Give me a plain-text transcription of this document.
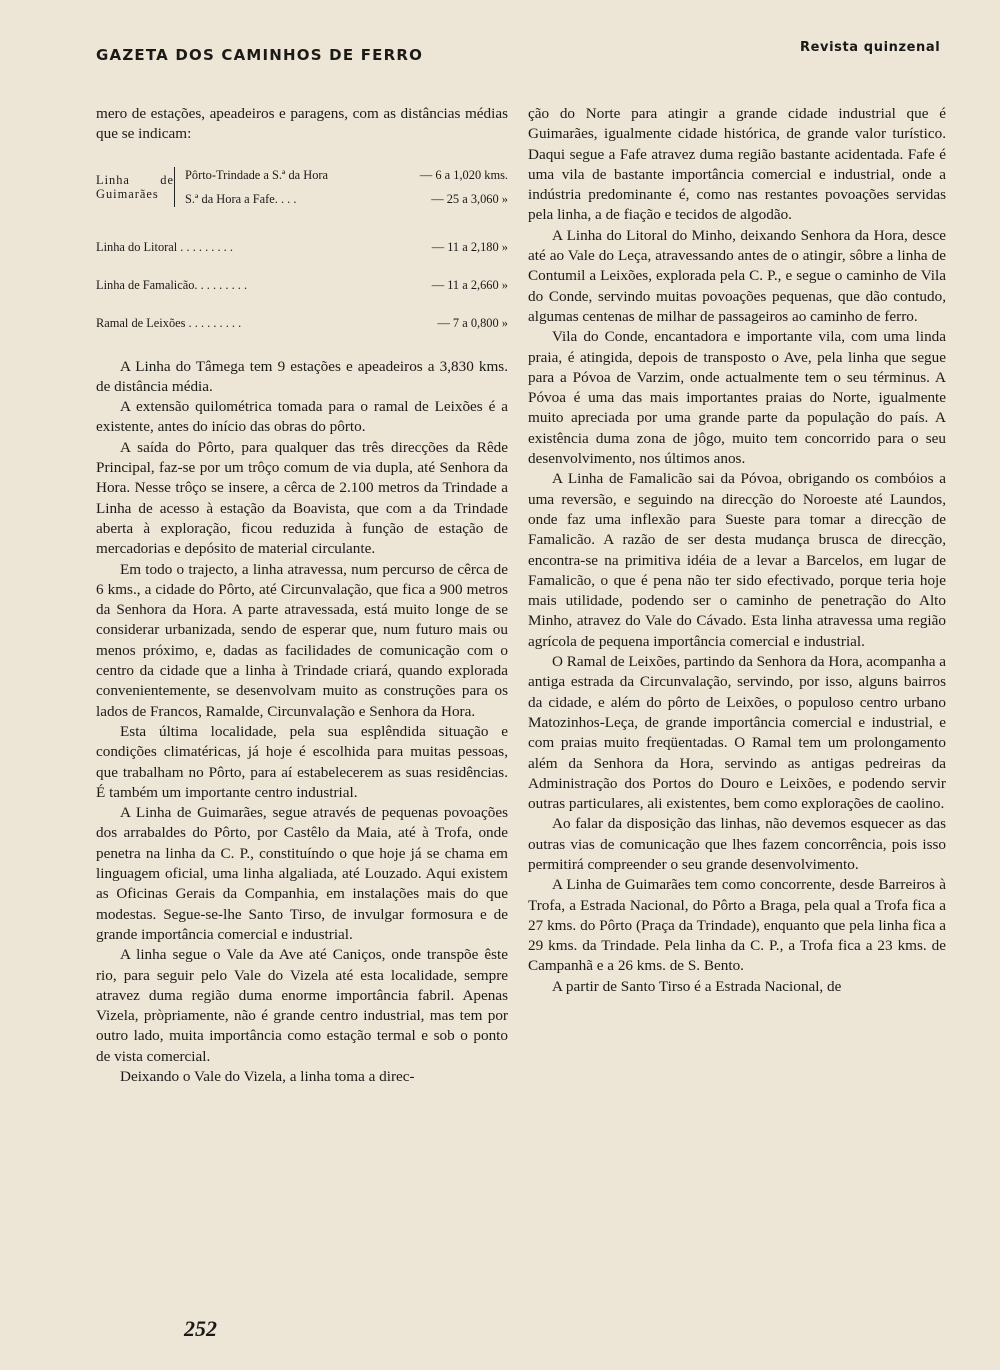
GAZETA DOS CAMINHOS DE FERRO	Revista quinzenal

mero de estações, apeadeiros e paragens, com as distâncias médias que se indicam:

Linha de Guimarães
Pôrto-Trindade a S.ª da Hora	— 6 a 1,020 kms.
S.ª da Hora a Fafe. . . .	— 25 a 3,060 »
Linha do Litoral . . . . . . . . .	— 11 a 2,180 »
Linha de Famalicão. . . . . . . . .	— 11 a 2,660 »
Ramal de Leixões . . . . . . . . .	— 7 a 0,800 »

A Linha do Tâmega tem 9 estações e apeadeiros a 3,830 kms. de distância média.

A extensão quilométrica tomada para o ramal de Leixões é a existente, antes do início das obras do pôrto.

A saída do Pôrto, para qualquer das três direcções da Rêde Principal, faz-se por um trôço comum de via dupla, até Senhora da Hora. Nesse trôço se insere, a cêrca de 2.100 metros da Trindade a Linha de acesso à estação da Boavista, que com a da Trindade aberta à exploração, ficou reduzida à função de estação de mercadorias e depósito de material circulante.

Em todo o trajecto, a linha atravessa, num percurso de cêrca de 6 kms., a cidade do Pôrto, até Circunvalação, que fica a 900 metros da Senhora da Hora. A parte atravessada, está muito longe de se considerar urbanizada, sendo de esperar que, num futuro mais ou menos próximo, e, dadas as facilidades de comunicação com o centro da cidade que a linha à Trindade criará, quando explorada convenientemente, se desenvolvam muito as construções para os lados de Francos, Ramalde, Circunvalação e Senhora da Hora.

Esta última localidade, pela sua esplêndida situação e condições climatéricas, já hoje é escolhida para muitas pessoas, que trabalham no Pôrto, para aí estabelecerem as suas residências. É também um importante centro industrial.

A Linha de Guimarães, segue através de pequenas povoações dos arrabaldes do Pôrto, por Castêlo da Maia, até à Trofa, onde penetra na linha da C. P., constituíndo o que hoje já se chama em linguagem oficial, uma linha algaliada, até Louzado. Aqui existem as Oficinas Gerais da Companhia, em instalações mais do que modestas. Segue-se-lhe Santo Tirso, de invulgar formosura e de grande importância comercial e industrial.

A linha segue o Vale da Ave até Caniços, onde transpõe êste rio, para seguir pelo Vale do Vizela até esta localidade, sempre atravez duma região duma enorme importância fabril. Apenas Vizela, pròpriamente, não é grande centro industrial, mas tem por outro lado, muita importância como estação termal e sob o ponto de vista comercial.

Deixando o Vale do Vizela, a linha toma a direc-

ção do Norte para atingir a grande cidade industrial que é Guimarães, igualmente cidade histórica, de grande valor turístico. Daqui segue a Fafe atravez duma região bastante acidentada. Fafe é uma vila de bastante importância comercial e industrial, onde a indústria predominante é, como nas restantes povoações servidas pela linha, a de fiação e tecidos de algodão.

A Linha do Litoral do Minho, deixando Senhora da Hora, desce até ao Vale do Leça, atravessando antes de o atingir, sôbre a linha de Contumil a Leixões, explorada pela C. P., e segue o caminho de Vila do Conde, servindo muitas povoações pequenas, que dão contudo, algumas centenas de milhar de passageiros ao caminho de ferro.

Vila do Conde, encantadora e importante vila, com uma linda praia, é atingida, depois de transposto o Ave, pela linha que segue para a Póvoa de Varzim, onde actualmente tem o seu términus. A Póvoa é uma das mais importantes praias do Norte, igualmente muito apreciada por uma grande parte da população do país. A existência duma zona de jôgo, muito tem concorrido para o seu desenvolvimento, nos últimos anos.

A Linha de Famalicão sai da Póvoa, obrigando os combóios a uma reversão, e seguindo na direcção do Noroeste até Laundos, onde faz uma inflexão para Sueste para tomar a direcção de Famalicão. A razão de ser desta mudança brusca de direcção, encontra-se na primitiva idéia de a levar a Barcelos, em lugar de Famalicão, o que é pena não ter sido efectivado, porque teria hoje mais utilidade, podendo ser o caminho de penetração do Alto Minho, atravez do Vale do Cávado. Esta linha atravessa uma região agrícola de pequena importância comercial e industrial.

O Ramal de Leixões, partindo da Senhora da Hora, acompanha a antiga estrada da Circunvalação, servindo, por isso, alguns bairros da cidade, e além do pôrto de Leixões, o populoso centro urbano Matozinhos-Leça, de grande importância comercial e industrial, e com praias muito freqüentadas. O Ramal tem um prolongamento além da Senhora da Hora, servindo as antigas pedreiras da Administração dos Portos do Douro e Leixões, e podendo servir outras particulares, ali existentes, bem como explorações de caolino.

Ao falar da disposição das linhas, não devemos esquecer as das outras vias de comunicação que lhes fazem concorrência, pois isso permitirá compreender o seu grande desenvolvimento.

A Linha de Guimarães tem como concorrente, desde Barreiros à Trofa, a Estrada Nacional, do Pôrto a Braga, pela qual a Trofa fica a 27 kms. do Pôrto (Praça da Trindade), enquanto que pela linha fica a 29 kms. da Trindade. Pela linha da C. P., a Trofa fica a 23 kms. de Campanhã e a 26 kms. de S. Bento.

A partir de Santo Tirso é a Estrada Nacional, de

252
